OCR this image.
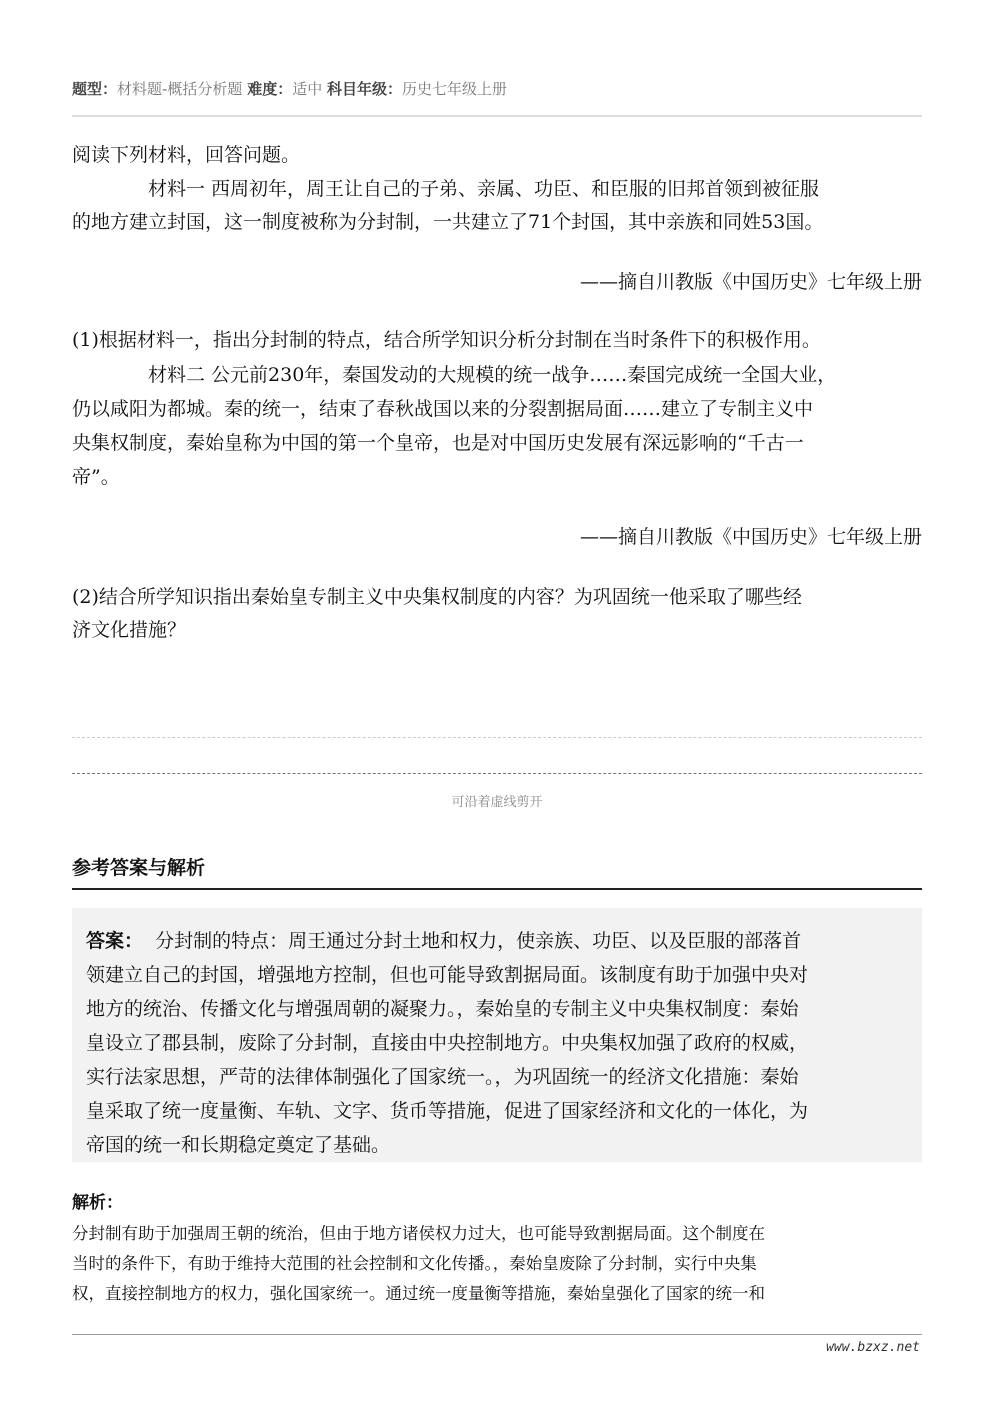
题型：材料题-概括分析题 难度：适中 科目年级：历史七年级上册
阅读下列材料，回答问题。
材料一 西周初年，周王让自己的子弟、亲属、功臣、和臣服的旧邦首领到被征服
的地方建立封国，这一制度被称为分封制，一共建立了71个封国，其中亲族和同姓53国。
——摘自川教版《中国历史》七年级上册
(1)根据材料一，指出分封制的特点，结合所学知识分析分封制在当时条件下的积极作用。
材料二 公元前230年，秦国发动的大规模的统一战争……秦国完成统一全国大业，
仍以咸阳为都城。秦的统一，结束了春秋战国以来的分裂割据局面……建立了专制主义中
央集权制度，秦始皇称为中国的第一个皇帝，也是对中国历史发展有深远影响的“千古一
帝”。
——摘自川教版《中国历史》七年级上册
(2)结合所学知识指出秦始皇专制主义中央集权制度的内容？为巩固统一他采取了哪些经
济文化措施？
可沿着虚线剪开
参考答案与解析
答案： 分封制的特点：周王通过分封土地和权力，使亲族、功臣、以及臣服的部落首
领建立自己的封国，增强地方控制，但也可能导致割据局面。该制度有助于加强中央对
地方的统治、传播文化与增强周朝的凝聚力。，秦始皇的专制主义中央集权制度：秦始
皇设立了郡县制，废除了分封制，直接由中央控制地方。中央集权加强了政府的权威，
实行法家思想，严苛的法律体制强化了国家统一。，为巩固统一的经济文化措施：秦始
皇采取了统一度量衡、车轨、文字、货币等措施，促进了国家经济和文化的一体化，为
帝国的统一和长期稳定奠定了基础。
解析：
分封制有助于加强周王朝的统治，但由于地方诸侯权力过大，也可能导致割据局面。这个制度在
当时的条件下，有助于维持大范围的社会控制和文化传播。，秦始皇废除了分封制，实行中央集
权，直接控制地方的权力，强化国家统一。通过统一度量衡等措施，秦始皇强化了国家的统一和
www.bzxz.net
